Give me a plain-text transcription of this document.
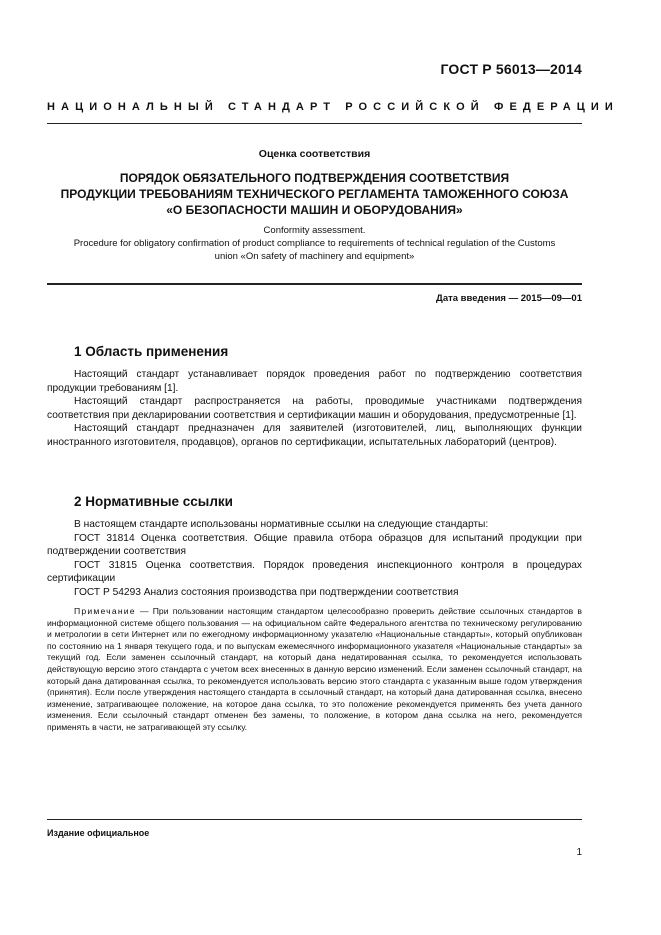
ГОСТ Р 56013—2014
НАЦИОНАЛЬНЫЙ СТАНДАРТ РОССИЙСКОЙ ФЕДЕРАЦИИ
Оценка соответствия
ПОРЯДОК ОБЯЗАТЕЛЬНОГО ПОДТВЕРЖДЕНИЯ СООТВЕТСТВИЯ
ПРОДУКЦИИ ТРЕБОВАНИЯМ ТЕХНИЧЕСКОГО РЕГЛАМЕНТА ТАМОЖЕННОГО СОЮЗА
«О БЕЗОПАСНОСТИ МАШИН И ОБОРУДОВАНИЯ»
Conformity assessment.
Procedure for obligatory confirmation of product compliance to requirements of technical regulation of the Customs
union «On safety of machinery and equipment»
Дата введения — 2015—09—01
1 Область применения

Настоящий стандарт устанавливает порядок проведения работ по подтверждению соответствия продукции требованиям [1].

Настоящий стандарт распространяется на работы, проводимые участниками подтверждения соответствия при декларировании соответствия и сертификации машин и оборудования, предусмотренные [1].

Настоящий стандарт предназначен для заявителей (изготовителей, лиц, выполняющих функции иностранного изготовителя, продавцов), органов по сертификации, испытательных лабораторий (центров).

2 Нормативные ссылки

В настоящем стандарте использованы нормативные ссылки на следующие стандарты:

ГОСТ 31814 Оценка соответствия. Общие правила отбора образцов для испытаний продукции при подтверждении соответствия

ГОСТ 31815 Оценка соответствия. Порядок проведения инспекционного контроля в процедурах сертификации

ГОСТ Р 54293 Анализ состояния производства при подтверждении соответствия

Примечание — При пользовании настоящим стандартом целесообразно проверить действие ссылочных стандартов в информационной системе общего пользования — на официальном сайте Федерального агентства по техническому регулированию и метрологии в сети Интернет или по ежегодному информационному указателю «Национальные стандарты», который опубликован по состоянию на 1 января текущего года, и по выпускам ежемесячного информационного указателя «Национальные стандарты» за текущий год. Если заменен ссылочный стандарт, на который дана недатированная ссылка, то рекомендуется использовать действующую версию этого стандарта с учетом всех внесенных в данную версию изменений. Если заменен ссылочный стандарт, на который дана датированная ссылка, то рекомендуется использовать версию этого стандарта с указанным выше годом утверждения (принятия). Если после утверждения настоящего стандарта в ссылочный стандарт, на который дана датированная ссылка, внесено изменение, затрагивающее положение, на которое дана ссылка, то это положение рекомендуется применять без учета данного изменения. Если ссылочный стандарт отменен без замены, то положение, в котором дана ссылка на него, рекомендуется применять в части, не затрагивающей эту ссылку.
Издание официальное
1
